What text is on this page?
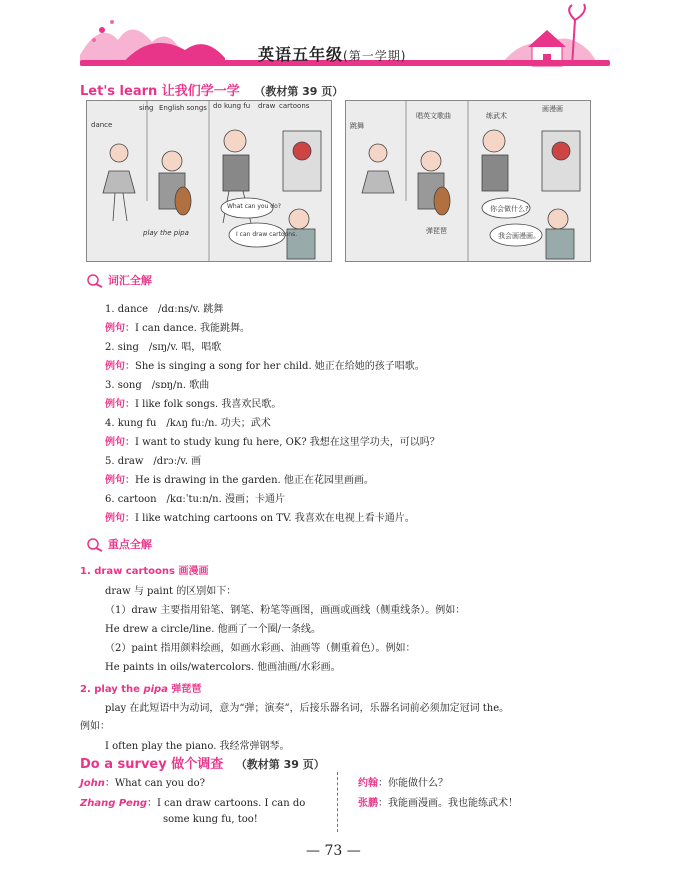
英语五年级(第一学期)
Let's learn 让我们学一学 （教材第 39 页）
sing English songs do kung fu draw cartoons
dance
play the pipa
What can you do?
I can draw cartoons.
跳舞
唱英文歌曲	练武术
画漫画
弹琵琶
你会做什么?
我会画漫画。
词汇全解
1. dance　/dɑːns/v. 跳舞
例句：I can dance. 我能跳舞。
2. sing　/sɪŋ/v. 唱，唱歌
例句：She is singing a song for her child. 她正在给她的孩子唱歌。
3. song　/sɒŋ/n. 歌曲
例句：I like folk songs. 我喜欢民歌。
4. kung fu　/kʌŋ fuː/n. 功夫；武术
例句：I want to study kung fu here, OK? 我想在这里学功夫，可以吗？
5. draw　/drɔː/v. 画
例句：He is drawing in the garden. 他正在花园里画画。
6. cartoon　/kɑːˈtuːn/n. 漫画；卡通片
例句：I like watching cartoons on TV. 我喜欢在电视上看卡通片。
重点全解
1. draw cartoons 画漫画
draw 与 paint 的区别如下：
（1）draw 主要指用铅笔、钢笔、粉笔等画图，画画或画线（侧重线条）。例如：
He drew a circle/line. 他画了一个圈/一条线。
（2）paint 指用颜料绘画，如画水彩画、油画等（侧重着色）。例如：
He paints in oils/watercolors. 他画油画/水彩画。
2. play the pipa 弹琵琶
play 在此短语中为动词，意为“弹；演奏”，后接乐器名词，乐器名词前必须加定冠词 the。
例如：
I often play the piano. 我经常弹钢琴。
Do a survey 做个调查 （教材第 39 页）
John：What can you do?
Zhang Peng：I can draw cartoons. I can do
some kung fu, too!
约翰：你能做什么？
张鹏：我能画漫画。我也能练武术！
— 73 —
